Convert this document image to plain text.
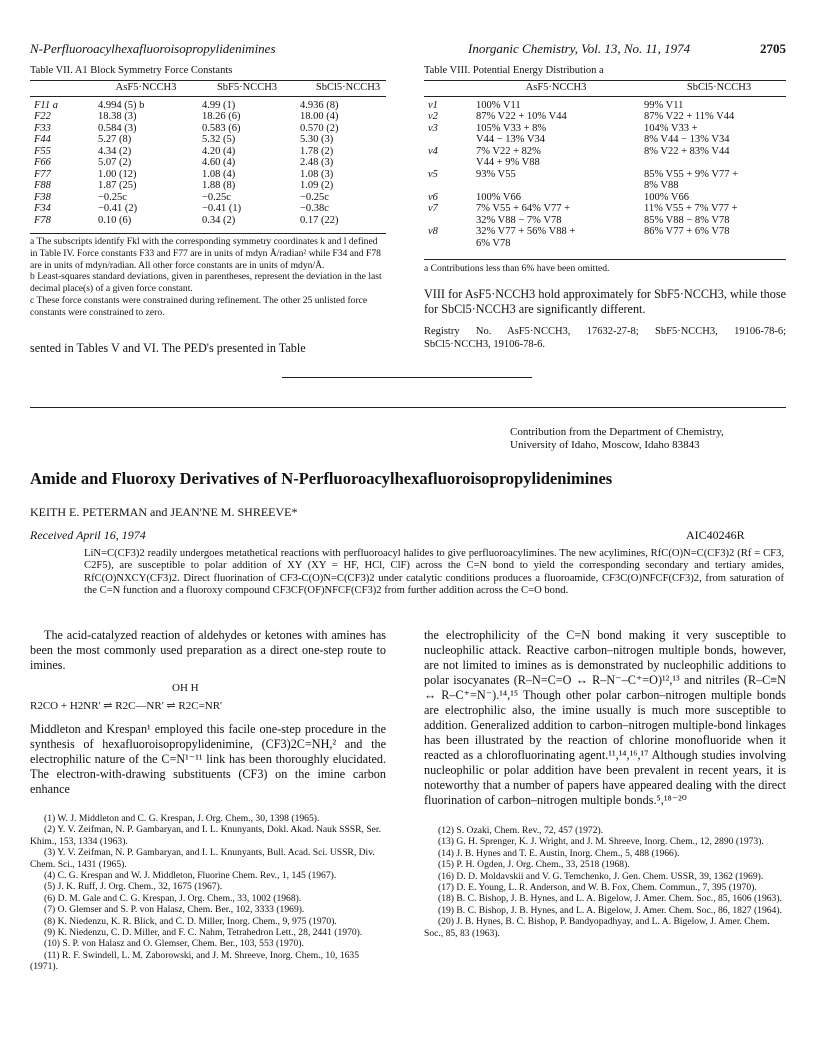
N-Perfluoroacylhexafluoroisopropylidenimines	Inorganic Chemistry, Vol. 13, No. 11, 1974	2705
Table VII. A1 Block Symmetry Force Constants
	AsF5·NCCH3	SbF5·NCCH3	SbCl5·NCCH3
F11 a	4.994 (5) b	4.99 (1)	4.936 (8)
F22	18.38 (3)	18.26 (6)	18.00 (4)
F33	0.584 (3)	0.583 (6)	0.570 (2)
F44	5.27 (8)	5.32 (5)	5.30 (3)
F55	4.34 (2)	4.20 (4)	1.78 (2)
F66	5.07 (2)	4.60 (4)	2.48 (3)
F77	1.00 (12)	1.08 (4)	1.08 (3)
F88	1.87 (25)	1.88 (8)	1.09 (2)
F38	−0.25c	−0.25c	−0.25c
F34	−0.41 (2)	−0.41 (1)	−0.38c
F78	0.10 (6)	0.34 (2)	0.17 (22)
a The subscripts identify Fkl with the corresponding symmetry coordinates k and l defined in Table IV. Force constants F33 and F77 are in units of mdyn Å/radian² while F34 and F78 are in units of mdyn/radian. All other force constants are in units of mdyn/Å.
b Least-squares standard deviations, given in parentheses, represent the deviation in the last decimal place(s) of a given force constant.
c These force constants were constrained during refinement. The other 25 unlisted force constants were constrained to zero.
sented in Tables V and VI. The PED's presented in Table
Table VIII. Potential Energy Distribution a
	AsF5·NCCH3	SbCl5·NCCH3
ν1	100% V11	99% V11
ν2	87% V22 + 10% V44	87% V22 + 11% V44
ν3	105% V33 + 8%	104% V33 +
	V44 − 13% V34	8% V44 − 13% V34
ν4	7% V22 + 82%	8% V22 + 83% V44
	V44 + 9% V88	
ν5	93% V55	85% V55 + 9% V77 +
		8% V88
ν6	100% V66	100% V66
ν7	7% V55 + 64% V77 +	11% V55 + 7% V77 +
	32% V88 − 7% V78	85% V88 − 8% V78
ν8	32% V77 + 56% V88 +	86% V77 + 6% V78
	6% V78	
a Contributions less than 6% have been omitted.
VIII for AsF5·NCCH3 hold approximately for SbF5·NCCH3, while those for SbCl5·NCCH3 are significantly different.
Registry No. AsF5·NCCH3, 17632-27-8; SbF5·NCCH3, 19106-78-6; SbCl5·NCCH3, 19106-78-6.
Contribution from the Department of Chemistry,
University of Idaho, Moscow, Idaho 83843
Amide and Fluoroxy Derivatives of N-Perfluoroacylhexafluoroisopropylidenimines
KEITH E. PETERMAN and JEAN'NE M. SHREEVE*
Received April 16, 1974	AIC40246R
LiN=C(CF3)2 readily undergoes metathetical reactions with perfluoroacyl halides to give perfluoroacylimines. The new acylimines, RfC(O)N=C(CF3)2 (Rf = CF3, C2F5), are susceptible to polar addition of XY (XY = HF, HCl, ClF) across the C=N bond to yield the corresponding secondary and tertiary amides, RfC(O)NXCY(CF3)2. Direct fluorination of CF3-C(O)N=C(CF3)2 under catalytic conditions produces a fluoroamide, CF3C(O)NFCF(CF3)2, from saturation of the C=N function and a fluoroxy compound CF3CF(OF)NFCF(CF3)2 from further addition across the C=O bond.
The acid-catalyzed reaction of aldehydes or ketones with amines has been the most commonly used preparation as a direct one-step route to imines.
OH H
R2CO + H2NR' ⇌ R2C—NR' ⇌ R2C=NR'
Middleton and Krespan¹ employed this facile one-step procedure in the synthesis of hexafluoroisopropylidenimine, (CF3)2C=NH,² and the electrophilic nature of the C=N¹⁻¹¹ link has been thoroughly elucidated. The electron-with-drawing substituents (CF3) on the imine carbon enhance
the electrophilicity of the C=N bond making it very susceptible to nucleophilic attack. Reactive carbon–nitrogen multiple bonds, however, are not limited to imines as is demonstrated by nucleophilic additions to polar isocyanates (R–N=C=O ↔ R–N⁻–C⁺=O)¹²,¹³ and nitriles (R–C≡N ↔ R–C⁺=N⁻).¹⁴,¹⁵ Though other polar carbon–nitrogen multiple bonds are electrophilic also, the imine usually is much more susceptible to addition. Generalized addition to carbon–nitrogen multiple-bond linkages has been illustrated by the reaction of chlorine monofluoride when it reacted as a chlorofluorinating agent.¹¹,¹⁴,¹⁶,¹⁷ Although studies involving nucleophilic or polar addition have been prevalent in recent years, it is noteworthy that a number of papers have appeared dealing with the direct fluorination of carbon–nitrogen multiple bonds.⁵,¹⁸⁻²⁰

(1) W. J. Middleton and C. G. Krespan, J. Org. Chem., 30, 1398 (1965).

(2) Y. V. Zeifman, N. P. Gambaryan, and I. L. Knunyants, Dokl. Akad. Nauk SSSR, Ser. Khim., 153, 1334 (1963).

(3) Y. V. Zeifman, N. P. Gambaryan, and I. L. Knunyants, Bull. Acad. Sci. USSR, Div. Chem. Sci., 1431 (1965).

(4) C. G. Krespan and W. J. Middleton, Fluorine Chem. Rev., 1, 145 (1967).

(5) J. K. Ruff, J. Org. Chem., 32, 1675 (1967).

(6) D. M. Gale and C. G. Krespan, J. Org. Chem., 33, 1002 (1968).

(7) O. Glemser and S. P. von Halasz, Chem. Ber., 102, 3333 (1969).

(8) K. Niedenzu, K. R. Blick, and C. D. Miller, Inorg. Chem., 9, 975 (1970).

(9) K. Niedenzu, C. D. Miller, and F. C. Nahm, Tetrahedron Lett., 28, 2441 (1970).

(10) S. P. von Halasz and O. Glemser, Chem. Ber., 103, 553 (1970).

(11) R. F. Swindell, L. M. Zaborowski, and J. M. Shreeve, Inorg. Chem., 10, 1635 (1971).

(12) S. Ozaki, Chem. Rev., 72, 457 (1972).

(13) G. H. Sprenger, K. J. Wright, and J. M. Shreeve, Inorg. Chem., 12, 2890 (1973).

(14) J. B. Hynes and T. E. Austin, Inorg. Chem., 5, 488 (1966).

(15) P. H. Ogden, J. Org. Chem., 33, 2518 (1968).

(16) D. D. Moldavskii and V. G. Temchenko, J. Gen. Chem. USSR, 39, 1362 (1969).

(17) D. E. Young, L. R. Anderson, and W. B. Fox, Chem. Commun., 7, 395 (1970).

(18) B. C. Bishop, J. B. Hynes, and L. A. Bigelow, J. Amer. Chem. Soc., 85, 1606 (1963).

(19) B. C. Bishop, J. B. Hynes, and L. A. Bigelow, J. Amer. Chem. Soc., 86, 1827 (1964).

(20) J. B. Hynes, B. C. Bishop, P. Bandyopadhyay, and L. A. Bigelow, J. Amer. Chem. Soc., 85, 83 (1963).
